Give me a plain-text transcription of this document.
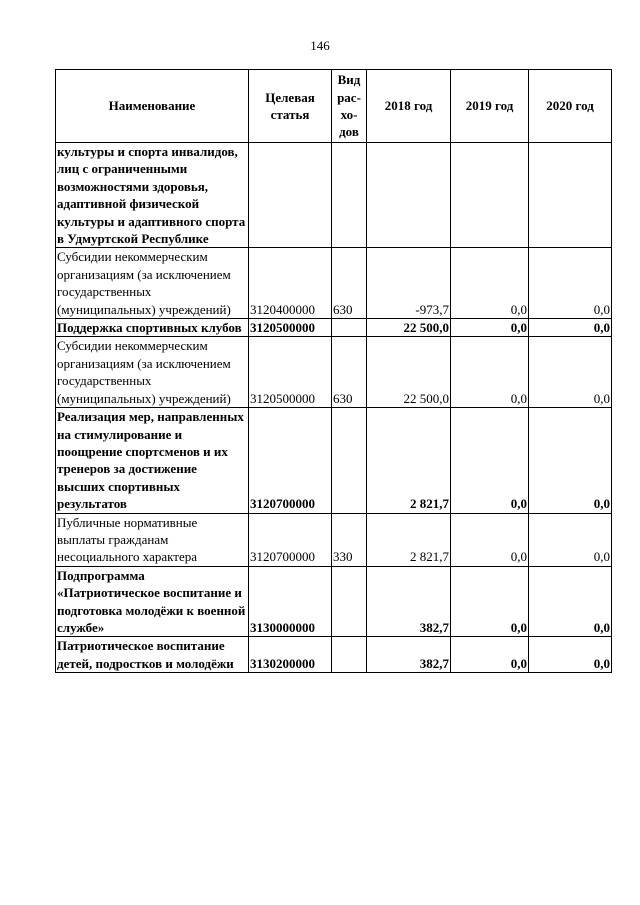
146
Наименование	Целевая статья	Вид рас-хо-дов	2018 год	2019 год	2020 год
культуры и спорта инвалидов, лиц с ограниченными возможностями здоровья, адаптивной физической культуры и адаптивного спорта в Удмуртской Республике					
Субсидии некоммерческим организациям (за исключением государственных (муниципальных) учреждений)	3120400000	630	-973,7	0,0	0,0
Поддержка спортивных клубов	3120500000		22 500,0	0,0	0,0
Субсидии некоммерческим организациям (за исключением государственных (муниципальных) учреждений)	3120500000	630	22 500,0	0,0	0,0
Реализация мер, направленных на стимулирование и поощрение спортсменов и их тренеров за достижение высших спортивных результатов	3120700000		2 821,7	0,0	0,0
Публичные нормативные выплаты гражданам несоциального характера	3120700000	330	2 821,7	0,0	0,0
Подпрограмма «Патриотическое воспитание и подготовка молодёжи к военной службе»	3130000000		382,7	0,0	0,0
Патриотическое воспитание детей, подростков и молодёжи	3130200000		382,7	0,0	0,0
